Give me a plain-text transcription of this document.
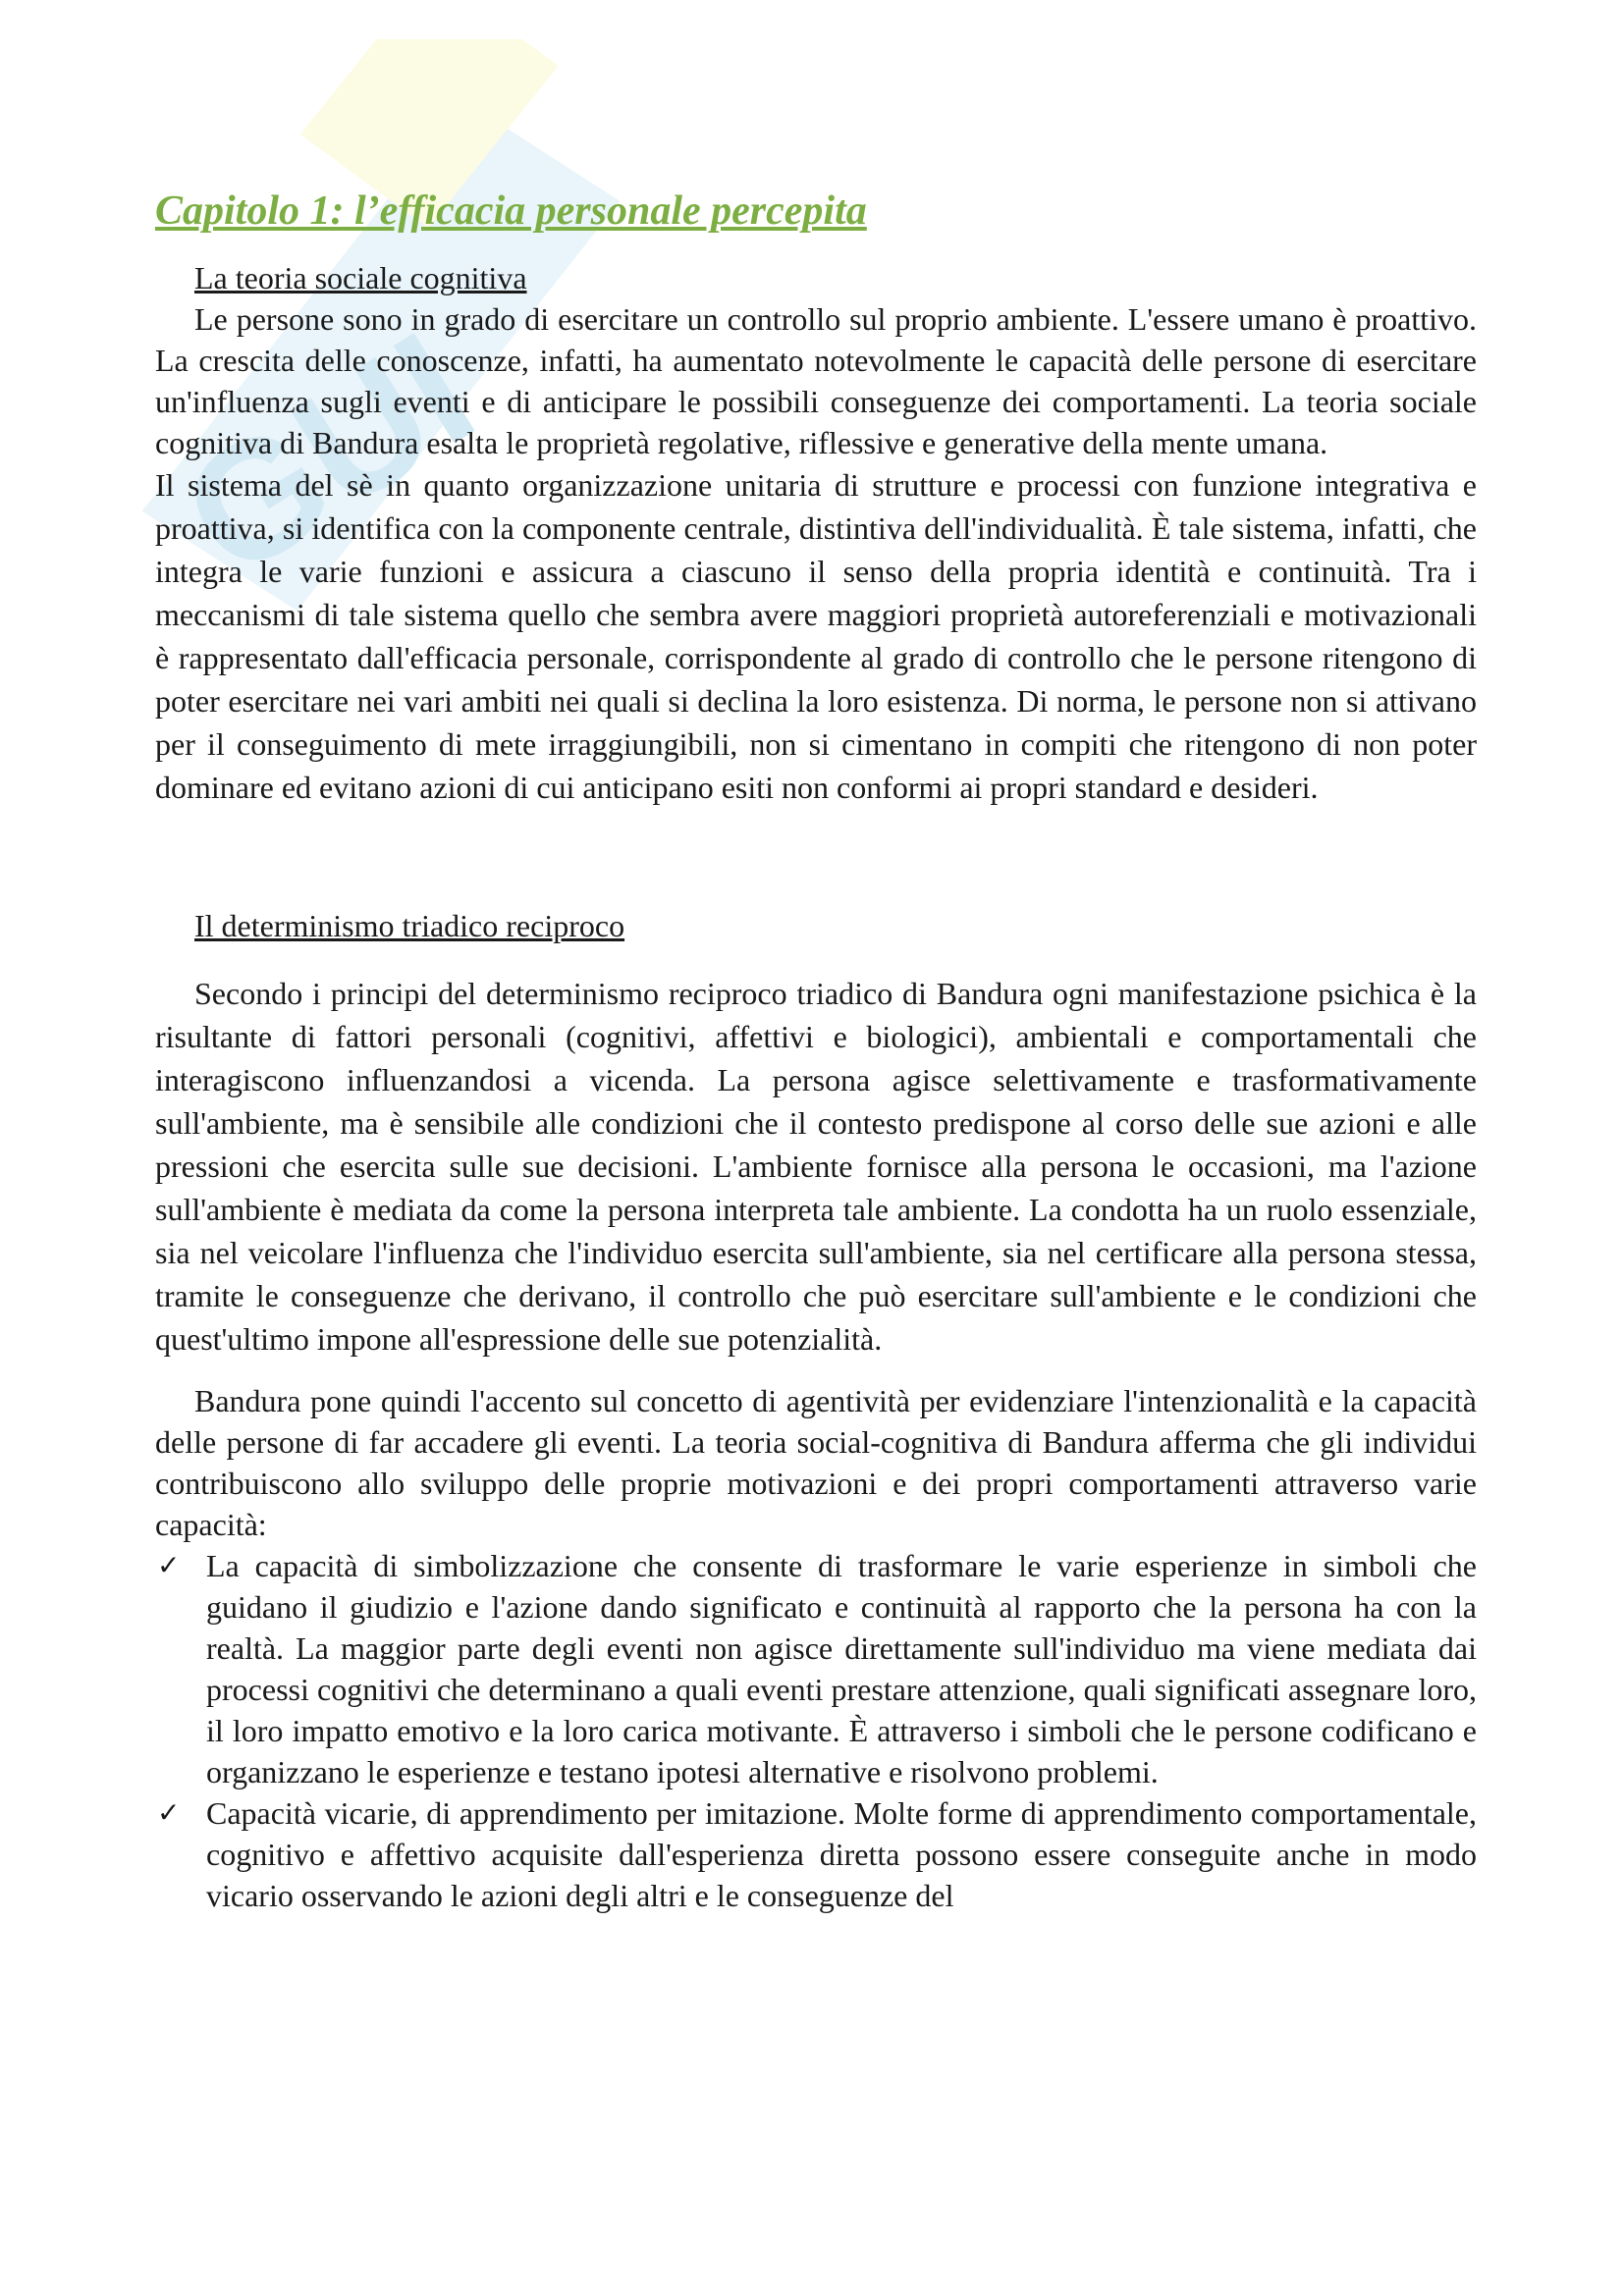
GUI
Capitolo 1: l’efficacia personale percepita
La teoria sociale cognitiva

Le persone sono in grado di esercitare un controllo sul proprio ambiente. L'essere umano è proattivo. La crescita delle conoscenze, infatti, ha aumentato notevolmente le capacità delle persone di esercitare un'influenza sugli eventi e di anticipare le possibili conseguenze dei comportamenti. La teoria sociale cognitiva di Bandura esalta le proprietà regolative, riflessive e generative della mente umana.

Il sistema del sè in quanto organizzazione unitaria di strutture e processi con funzione integrativa e proattiva, si identifica con la componente centrale, distintiva dell'individualità. È tale sistema, infatti, che integra le varie funzioni e assicura a ciascuno il senso della propria identità e continuità. Tra i meccanismi di tale sistema quello che sembra avere maggiori proprietà autoreferenziali e motivazionali è rappresentato dall'efficacia personale, corrispondente al grado di controllo che le persone ritengono di poter esercitare nei vari ambiti nei quali si declina la loro esistenza. Di norma, le persone non si attivano per il conseguimento di mete irraggiungibili, non si cimentano in compiti che ritengono di non poter dominare ed evitano azioni di cui anticipano esiti non conformi ai propri standard e desideri.

Il determinismo triadico reciproco

Secondo i principi del determinismo reciproco triadico di Bandura ogni manifestazione psichica è la risultante di fattori personali (cognitivi, affettivi e biologici), ambientali e comportamentali che interagiscono influenzandosi a vicenda. La persona agisce selettivamente e trasformativamente sull'ambiente, ma è sensibile alle condizioni che il contesto predispone al corso delle sue azioni e alle pressioni che esercita sulle sue decisioni. L'ambiente fornisce alla persona le occasioni, ma l'azione sull'ambiente è mediata da come la persona interpreta tale ambiente. La condotta ha un ruolo essenziale, sia nel veicolare l'influenza che l'individuo esercita sull'ambiente, sia nel certificare alla persona stessa, tramite le conseguenze che derivano, il controllo che può esercitare sull'ambiente e le condizioni che quest'ultimo impone all'espressione delle sue potenzialità.

Bandura pone quindi l'accento sul concetto di agentività per evidenziare l'intenzionalità e la capacità delle persone di far accadere gli eventi. La teoria social-cognitiva di Bandura afferma che gli individui contribuiscono allo sviluppo delle proprie motivazioni e dei propri comportamenti attraverso varie capacità:

✓ La capacità di simbolizzazione che consente di trasformare le varie esperienze in simboli che guidano il giudizio e l'azione dando significato e continuità al rapporto che la persona ha con la realtà. La maggior parte degli eventi non agisce direttamente sull'individuo ma viene mediata dai processi cognitivi che determinano a quali eventi prestare attenzione, quali significati assegnare loro, il loro impatto emotivo e la loro carica motivante. È attraverso i simboli che le persone codificano e organizzano le esperienze e testano ipotesi alternative e risolvono problemi.
✓ Capacità vicarie, di apprendimento per imitazione. Molte forme di apprendimento comportamentale, cognitivo e affettivo acquisite dall'esperienza diretta possono essere conseguite anche in modo vicario osservando le azioni degli altri e le conseguenze del
